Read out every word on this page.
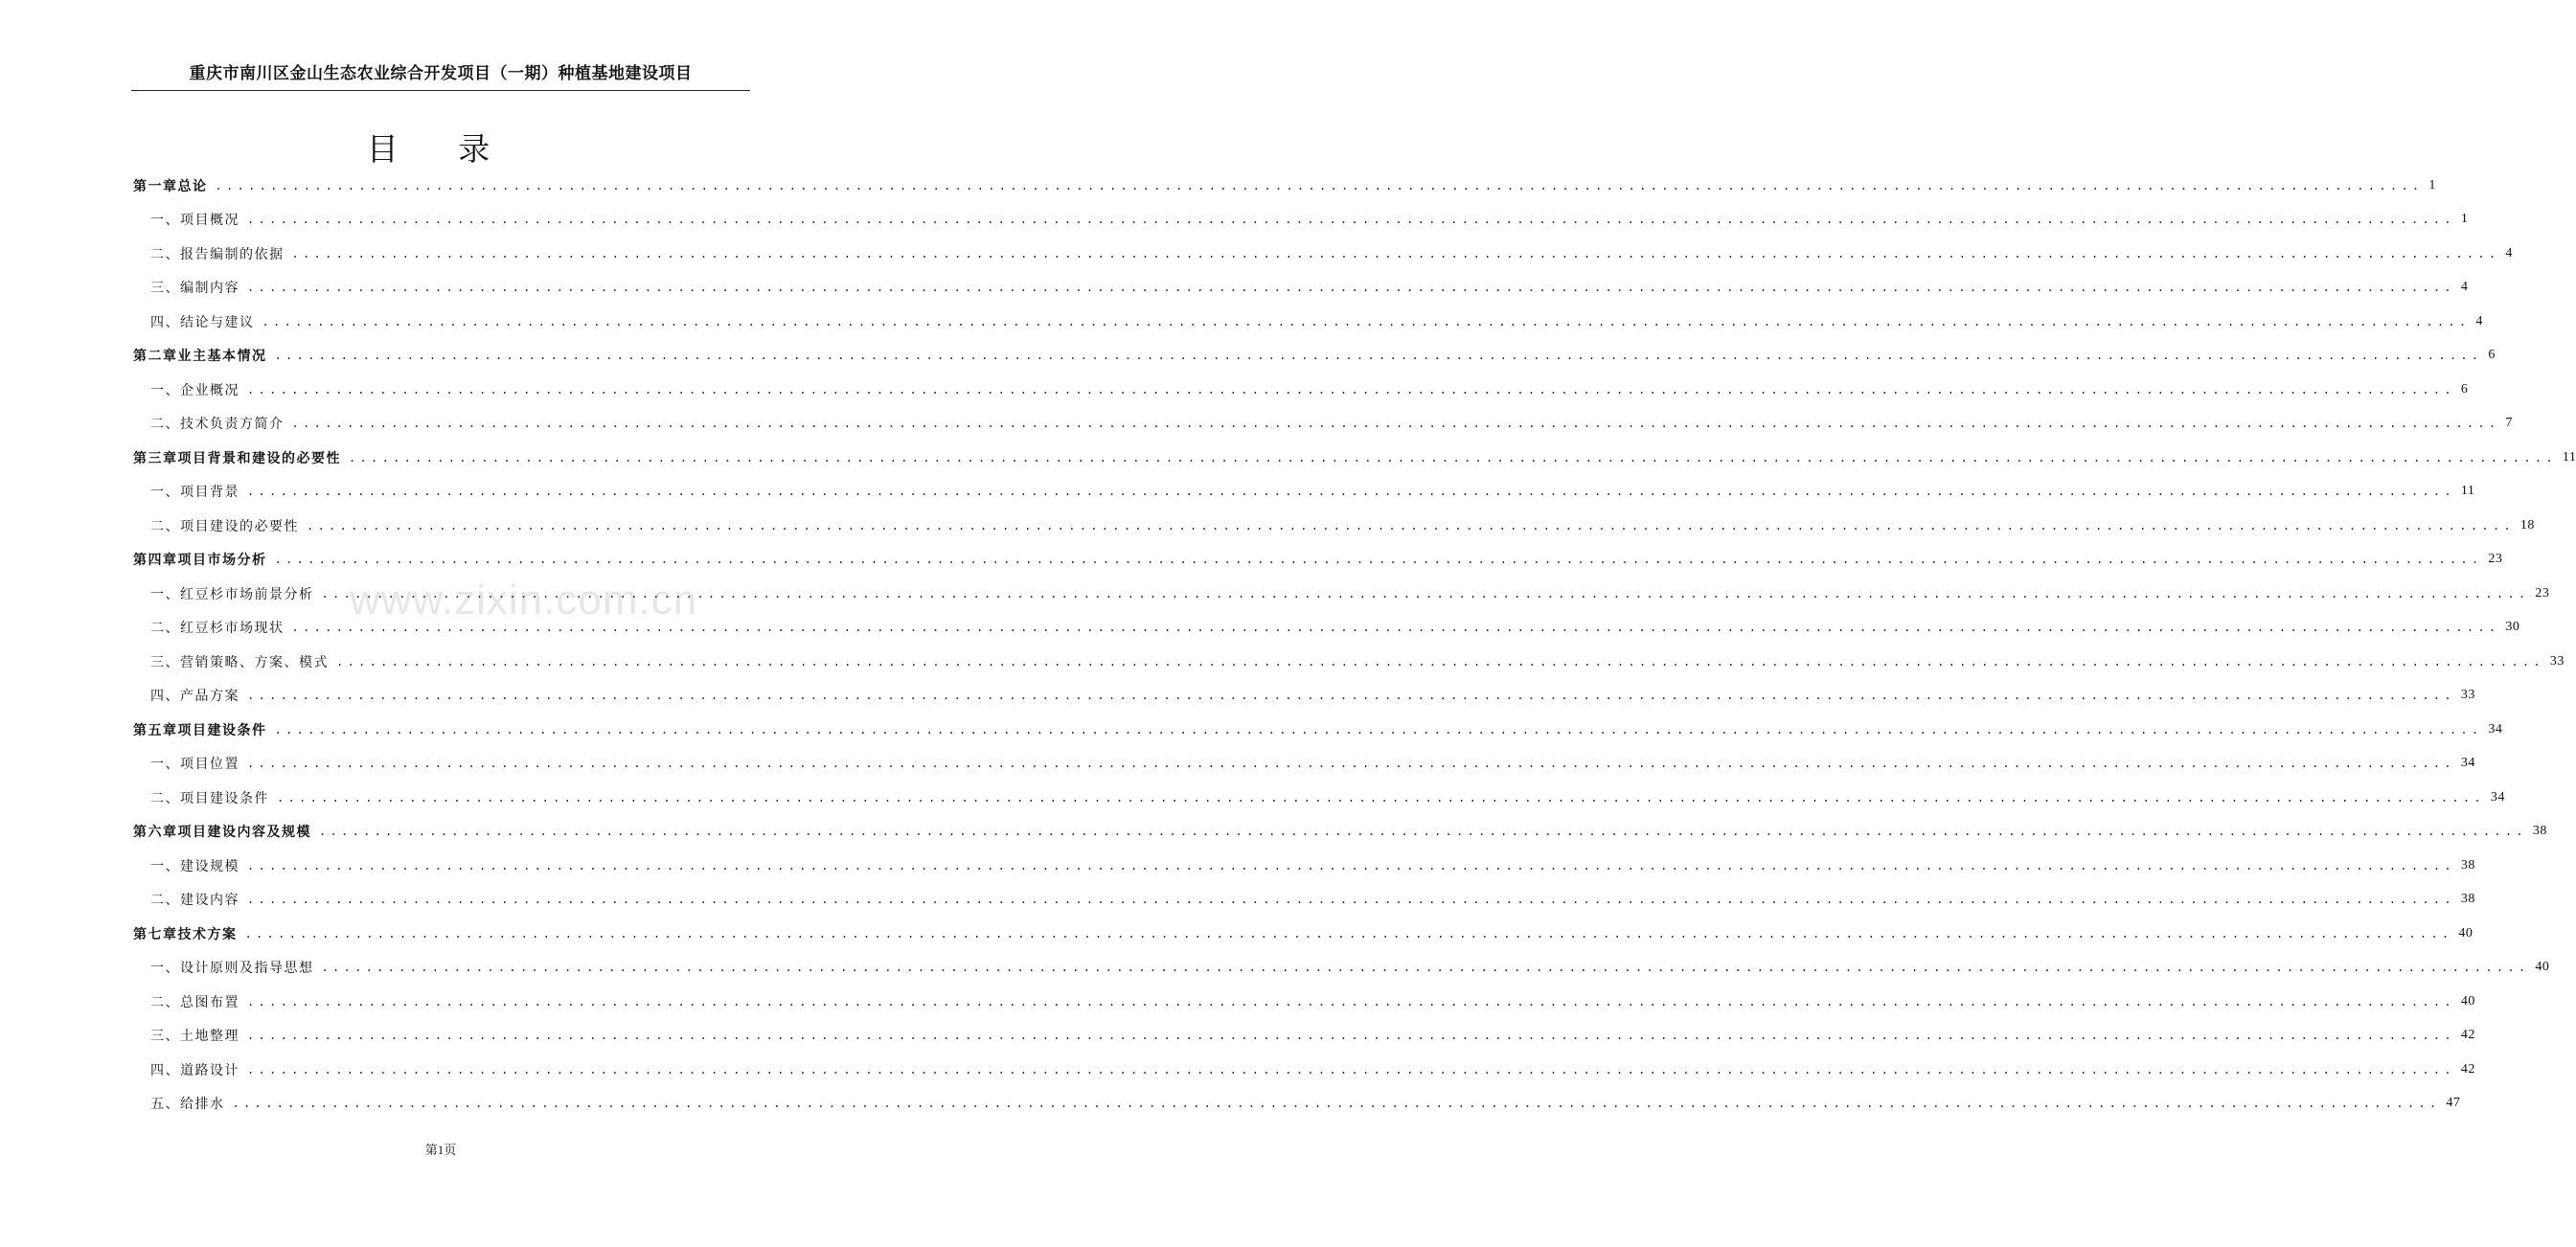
重庆市南川区金山生态农业综合开发项目（一期）种植基地建设项目
目 录
www.zixin.com.cn
第一章 总论 ........................................................................................................................................................................................................ 1
一、项目概况 ........................................................................................................................................................................................................ 1
二、报告编制的依据 ........................................................................................................................................................................................................ 4
三、编制内容 ........................................................................................................................................................................................................ 4
四、结论与建议 ........................................................................................................................................................................................................ 4
第二章 业主基本情况 ........................................................................................................................................................................................................ 6
一、企业概况 ........................................................................................................................................................................................................ 6
二、技术负责方简介 ........................................................................................................................................................................................................ 7
第三章 项目背景和建设的必要性 ........................................................................................................................................................................................................ 11
一、项目背景 ........................................................................................................................................................................................................ 11
二、项目建设的必要性 ........................................................................................................................................................................................................ 18
第四章 项目市场分析 ........................................................................................................................................................................................................ 23
一、红豆杉市场前景分析 ........................................................................................................................................................................................................ 23
二、红豆杉市场现状 ........................................................................................................................................................................................................ 30
三、营销策略、方案、模式 ........................................................................................................................................................................................................ 33
四、产品方案 ........................................................................................................................................................................................................ 33
第五章 项目建设条件 ........................................................................................................................................................................................................ 34
一、项目位置 ........................................................................................................................................................................................................ 34
二、项目建设条件 ........................................................................................................................................................................................................ 34
第六章 项目建设内容及规模 ........................................................................................................................................................................................................ 38
一、建设规模 ........................................................................................................................................................................................................ 38
二、建设内容 ........................................................................................................................................................................................................ 38
第七章 技术方案 ........................................................................................................................................................................................................ 40
一、设计原则及指导思想 ........................................................................................................................................................................................................ 40
二、总图布置 ........................................................................................................................................................................................................ 40
三、土地整理 ........................................................................................................................................................................................................ 42
四、道路设计 ........................................................................................................................................................................................................ 42
五、给排水 ........................................................................................................................................................................................................ 47
第1页
